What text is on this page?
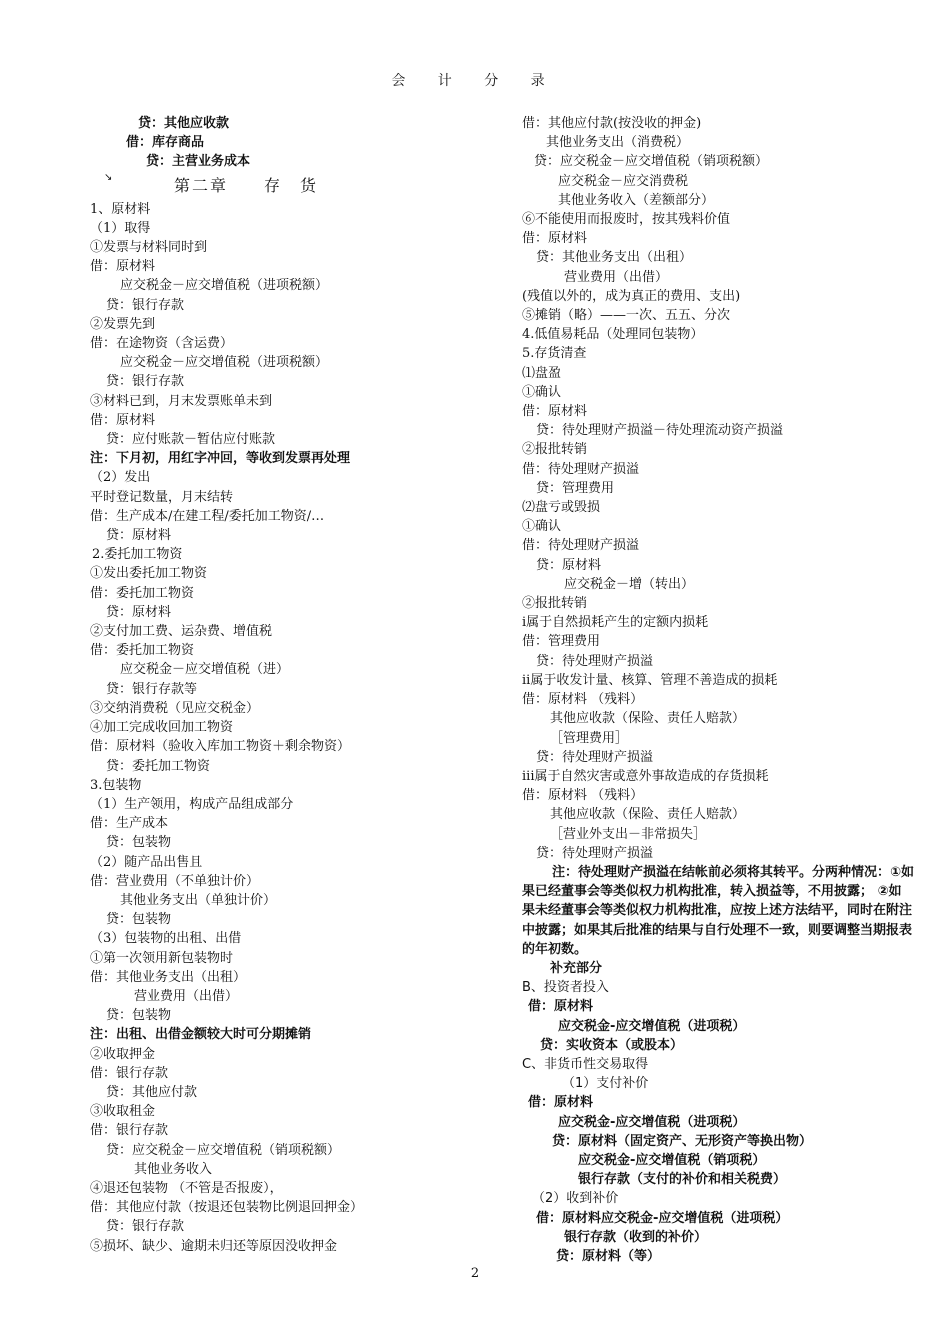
会 计 分 录
贷：其他应收款
借：库存商品
贷：主营业务成本
第二章　　存　货
1、原材料
（1）取得
①发票与材料同时到
借：原材料
应交税金－应交增值税（进项税额）
贷：银行存款
②发票先到
借：在途物资（含运费）
应交税金－应交增值税（进项税额）
贷：银行存款
③材料已到，月末发票账单未到
借：原材料
贷：应付账款－暂估应付账款
注：下月初，用红字冲回，等收到发票再处理
（2）发出
平时登记数量，月末结转
借：生产成本/在建工程/委托加工物资/…
贷：原材料
2.委托加工物资
①发出委托加工物资
借：委托加工物资
贷：原材料
②支付加工费、运杂费、增值税
借：委托加工物资
应交税金－应交增值税（进）
贷：银行存款等
③交纳消费税（见应交税金）
④加工完成收回加工物资
借：原材料（验收入库加工物资＋剩余物资）
贷：委托加工物资
3.包装物
（1）生产领用，构成产品组成部分
借：生产成本
贷：包装物
（2）随产品出售且
借：营业费用（不单独计价）
其他业务支出（单独计价）
贷：包装物
（3）包装物的出租、出借
①第一次领用新包装物时
借：其他业务支出（出租）
营业费用（出借）
贷：包装物
注：出租、出借金额较大时可分期摊销
②收取押金
借：银行存款
贷：其他应付款
③收取租金
借：银行存款
贷：应交税金－应交增值税（销项税额）
其他业务收入
④退还包装物 （不管是否报废），
借：其他应付款（按退还包装物比例退回押金）
贷：银行存款
⑤损坏、缺少、逾期未归还等原因没收押金
借：其他应付款(按没收的押金)
其他业务支出（消费税）
贷：应交税金－应交增值税（销项税额）
应交税金－应交消费税
其他业务收入（差额部分）
⑥不能使用而报废时，按其残料价值
借：原材料
贷：其他业务支出（出租）
营业费用（出借）
(残值以外的，成为真正的费用、支出)
⑤摊销（略）——一次、五五、分次
4.低值易耗品（处理同包装物）
5.存货清查
⑴盘盈
①确认
借：原材料
贷：待处理财产损溢－待处理流动资产损溢
②报批转销
借：待处理财产损溢
贷：管理费用
⑵盘亏或毁损
①确认
借：待处理财产损溢
贷：原材料
应交税金－增（转出）
②报批转销
i属于自然损耗产生的定额内损耗
借：管理费用
贷：待处理财产损溢
ii属于收发计量、核算、管理不善造成的损耗
借：原材料 （残料）
其他应收款（保险、责任人赔款）
［管理费用］
贷：待处理财产损溢
iii属于自然灾害或意外事故造成的存货损耗
借：原材料 （残料）
其他应收款（保险、责任人赔款）
［营业外支出－非常损失］
贷：待处理财产损溢
注：待处理财产损溢在结帐前必须将其转平。分两种情况：①如果已经董事会等类似权力机构批准，转入损益等，不用披露； ②如果未经董事会等类似权力机构批准，应按上述方法结平，同时在附注中披露；如果其后批准的结果与自行处理不一致，则要调整当期报表的年初数。
补充部分
B、投资者投入
借：原材料
应交税金-应交增值税（进项税）
贷：实收资本（或股本）
C、非货币性交易取得
（1）支付补价
借：原材料
应交税金-应交增值税（进项税）
贷：原材料（固定资产、无形资产等换出物）
应交税金-应交增值税（销项税）
银行存款（支付的补价和相关税费）
（2）收到补价
借：原材料应交税金-应交增值税（进项税）
银行存款（收到的补价）
贷：原材料（等）
↘
2
